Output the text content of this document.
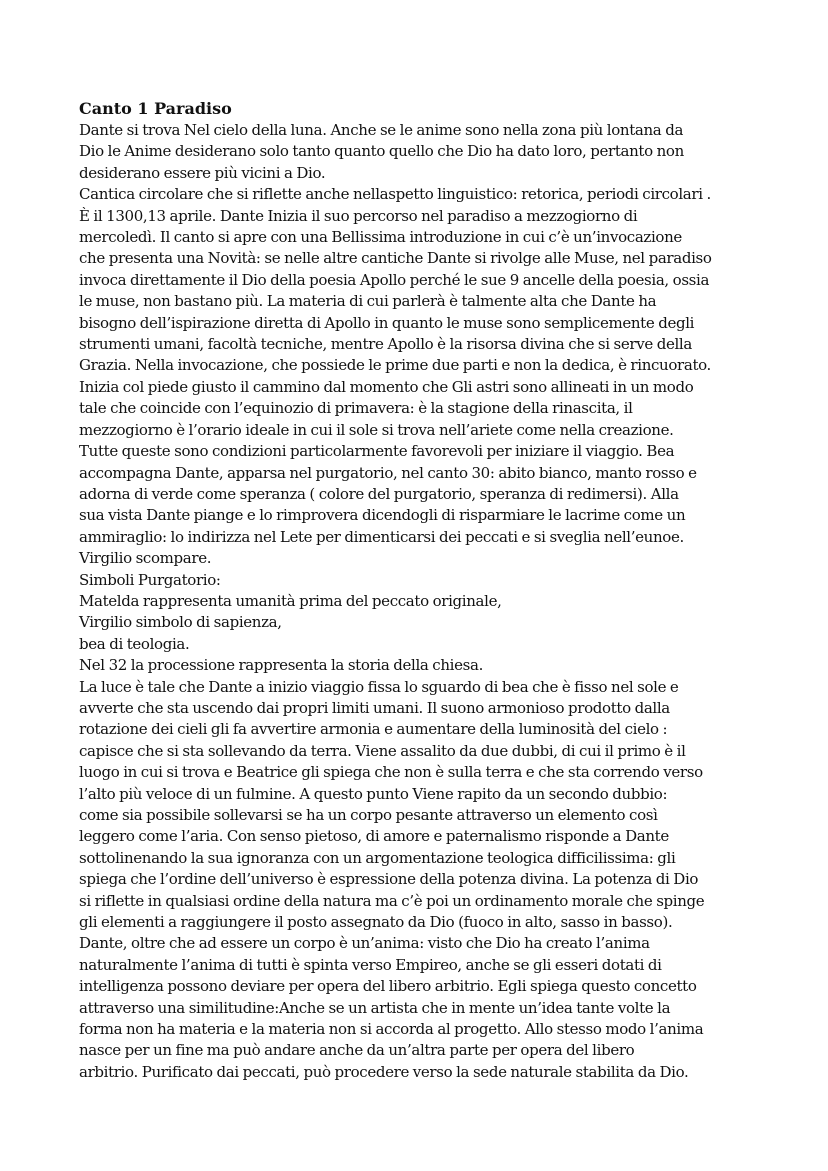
Canto 1 Paradiso

Dante si trova Nel cielo della luna. Anche se le anime sono nella zona più lontana da

Dio le Anime desiderano solo tanto quanto quello che Dio ha dato loro, pertanto non

desiderano essere più vicini a Dio.

Cantica circolare che si riflette anche nellaspetto linguistico: retorica, periodi circolari .

È il 1300,13 aprile. Dante Inizia il suo percorso nel paradiso a mezzogiorno di

mercoledì. Il canto si apre con una Bellissima introduzione in cui c’è un’invocazione

che presenta una Novità: se nelle altre cantiche Dante si rivolge alle Muse, nel paradiso

invoca direttamente il Dio della poesia Apollo perché le sue 9 ancelle della poesia, ossia

le muse, non bastano più. La materia di cui parlerà è talmente alta che Dante ha

bisogno dell’ispirazione diretta di Apollo in quanto le muse sono semplicemente degli

strumenti umani, facoltà tecniche, mentre Apollo è la risorsa divina che si serve della

Grazia. Nella invocazione, che possiede le prime due parti e non la dedica, è rincuorato.

Inizia col piede giusto il cammino dal momento che Gli astri sono allineati in un modo

tale che coincide con l’equinozio di primavera: è la stagione della rinascita, il

mezzogiorno è l’orario ideale in cui il sole si trova nell’ariete come nella creazione.

Tutte queste sono condizioni particolarmente favorevoli per iniziare il viaggio. Bea

accompagna Dante, apparsa nel purgatorio, nel canto 30: abito bianco, manto rosso e

adorna di verde come speranza ( colore del purgatorio, speranza di redimersi). Alla

sua vista Dante piange e lo rimprovera dicendogli di risparmiare le lacrime come un

ammiraglio: lo indirizza nel Lete per dimenticarsi dei peccati e si sveglia nell’eunoe.

Virgilio scompare.

Simboli Purgatorio:

Matelda rappresenta umanità prima del peccato originale,

Virgilio simbolo di sapienza,

bea di teologia.

Nel 32 la processione rappresenta la storia della chiesa.

La luce è tale che Dante a inizio viaggio fissa lo sguardo di bea che è fisso nel sole e

avverte che sta uscendo dai propri limiti umani. Il suono armonioso prodotto dalla

rotazione dei cieli gli fa avvertire armonia e aumentare della luminosità del cielo :

capisce che si sta sollevando da terra. Viene assalito da due dubbi, di cui il primo è il

luogo in cui si trova e Beatrice gli spiega che non è sulla terra e che sta correndo verso

l’alto più veloce di un fulmine. A questo punto Viene rapito da un secondo dubbio:

come sia possibile sollevarsi se ha un corpo pesante attraverso un elemento così

leggero come l’aria. Con senso pietoso, di amore e paternalismo risponde a Dante

sottolinenando la sua ignoranza con un argomentazione teologica difficilissima: gli

spiega che l’ordine dell’universo è espressione della potenza divina. La potenza di Dio

si riflette in qualsiasi ordine della natura ma c’è poi un ordinamento morale che spinge

gli elementi a raggiungere il posto assegnato da Dio (fuoco in alto, sasso in basso).

Dante, oltre che ad essere un corpo è un’anima: visto che Dio ha creato l’anima

naturalmente l’anima di tutti è spinta verso Empireo, anche se gli esseri dotati di

intelligenza possono deviare per opera del libero arbitrio. Egli spiega questo concetto

attraverso una similitudine:Anche se un artista che in mente un’idea tante volte la

forma non ha materia e la materia non si accorda al progetto. Allo stesso modo l’anima

nasce per un fine ma può andare anche da un’altra parte per opera del libero

arbitrio. Purificato dai peccati, può procedere verso la sede naturale stabilita da Dio.
